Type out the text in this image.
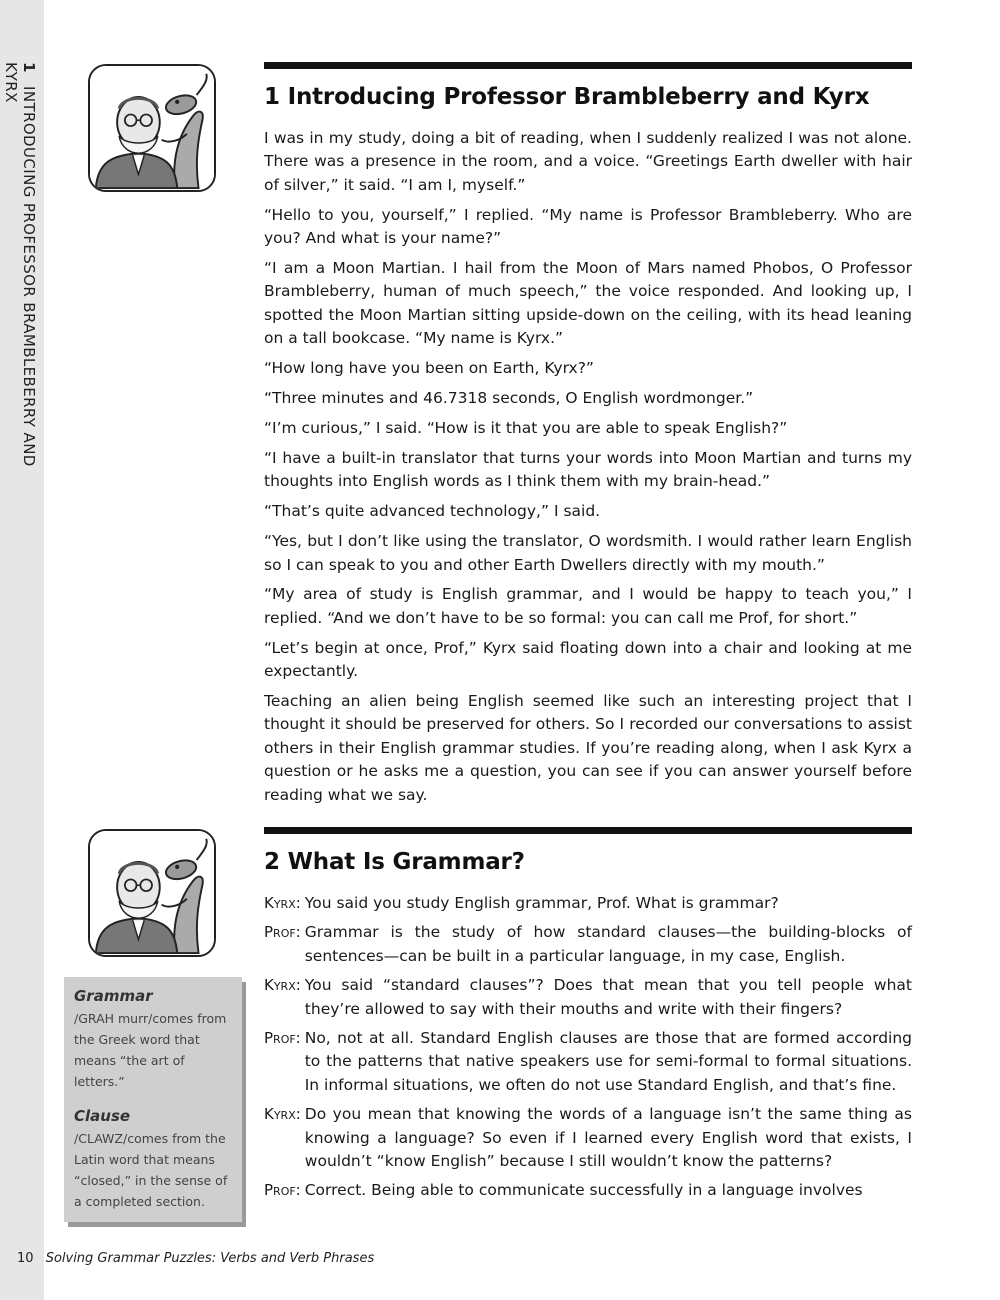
1 INTRODUCING PROFESSOR BRAMBLEBERRY AND KYRX	1 Introducing Professor Brambleberry and Kyrx

I was in my study, doing a bit of reading, when I suddenly realized I was not alone. There was a presence in the room, and a voice. “Greetings Earth dweller with hair of silver,” it said. “I am I, myself.”

“Hello to you, yourself,” I replied. “My name is Professor Brambleberry. Who are you? And what is your name?”

“I am a Moon Martian. I hail from the Moon of Mars named Phobos, O Professor Brambleberry, human of much speech,” the voice responded. And looking up, I spotted the Moon Martian sitting upside-down on the ceiling, with its head leaning on a tall bookcase. “My name is Kyrx.”

“How long have you been on Earth, Kyrx?”

“Three minutes and 46.7318 seconds, O English wordmonger.”

“I’m curious,” I said. “How is it that you are able to speak English?”

“I have a built-in translator that turns your words into Moon Martian and turns my thoughts into English words as I think them with my brain-head.”

“That’s quite advanced technology,” I said.

“Yes, but I don’t like using the translator, O wordsmith. I would rather learn English so I can speak to you and other Earth Dwellers directly with my mouth.”

“My area of study is English grammar, and I would be happy to teach you,” I replied. “And we don’t have to be so formal: you can call me Prof, for short.”

“Let’s begin at once, Prof,” Kyrx said floating down into a chair and looking at me expectantly.

Teaching an alien being English seemed like such an interesting project that I thought it should be preserved for others. So I recorded our conversations to assist others in their English grammar studies. If you’re reading along, when I ask Kyrx a question or he asks me a question, you can see if you can answer yourself before reading what we say.

2 What Is Grammar?
Kyrx: You said you study English grammar, Prof. What is grammar?
Prof: Grammar is the study of how standard clauses—the building-blocks of sentences—can be built in a particular language, in my case, English.
Kyrx: You said “standard clauses”? Does that mean that you tell people what they’re allowed to say with their mouths and write with their fingers?
Prof: No, not at all. Standard English clauses are those that are formed according to the patterns that native speakers use for semi-formal to formal situations. In informal situations, we often do not use Standard English, and that’s fine.
Kyrx: Do you mean that knowing the words of a language isn’t the same thing as knowing a language? So even if I learned every English word that exists, I wouldn’t “know English” because I still wouldn’t know the patterns?
Prof: Correct. Being able to communicate successfully in a language involves
Grammar
/GRAH murr/comes from the Greek word that means “the art of letters.”
Clause
/CLAWZ/comes from the Latin word that means “closed,” in the sense of a completed section.
10 Solving Grammar Puzzles: Verbs and Verb Phrases
